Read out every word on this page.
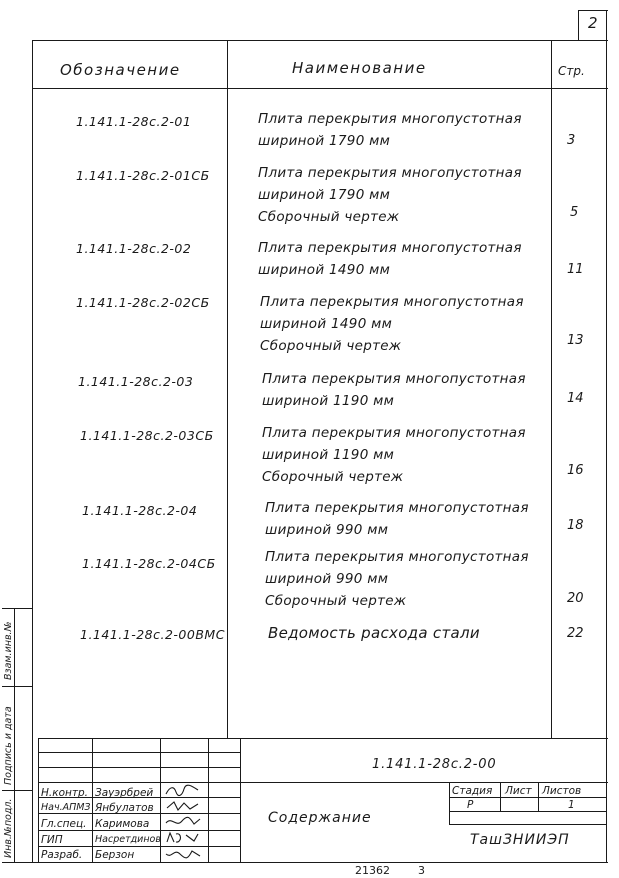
2
Обозначение	Наименование	Стр.
1.141.1-28с.2-01	Плита перекрытия многопустотная
шириной 1790 мм	3
1.141.1-28с.2-01СБ	Плита перекрытия многопустотная
шириной 1790 мм
Сборочный чертеж	5
1.141.1-28с.2-02	Плита перекрытия многопустотная
шириной 1490 мм	11
1.141.1-28с.2-02СБ	Плита перекрытия многопустотная
шириной 1490 мм
Сборочный чертеж	13
1.141.1-28с.2-03	Плита перекрытия многопустотная
шириной 1190 мм	14
1.141.1-28с.2-03СБ	Плита перекрытия многопустотная
шириной 1190 мм
Сборочный чертеж	16
1.141.1-28с.2-04	Плита перекрытия многопустотная
шириной 990 мм	18
1.141.1-28с.2-04СБ	Плита перекрытия многопустотная
шириной 990 мм
Сборочный чертеж	20
1.141.1-28с.2-00ВМС	Ведомость расхода стали	22
1.141.1-28с.2-00
Н.контр. Зауэрбрей
Нач.АПМЗ Янбулатов
Гл.спец. Каримова
ГИП	Насретдинов
Разраб. Берзон
Содержание
Стадия Лист Листов
Р	1
ТашЗНИИЭП
Взам.инв.№
Подпись и дата
Инв.№подл.
21362	3
